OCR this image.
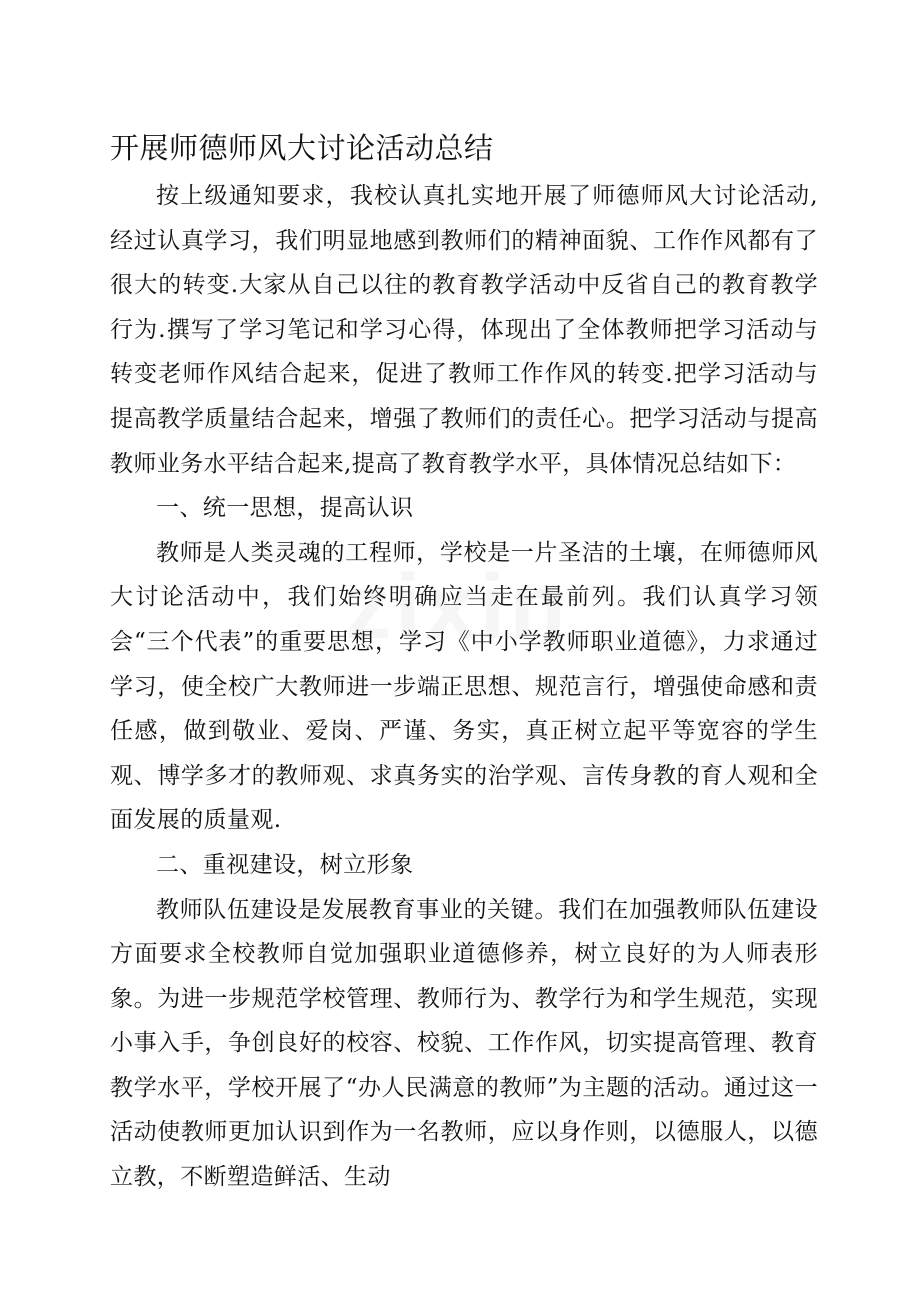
开展师德师风大讨论活动总结

按上级通知要求，我校认真扎实地开展了师德师风大讨论活动,经过认真学习，我们明显地感到教师们的精神面貌、工作作风都有了很大的转变.大家从自己以往的教育教学活动中反省自己的教育教学行为.撰写了学习笔记和学习心得，体现出了全体教师把学习活动与转变老师作风结合起来，促进了教师工作作风的转变.把学习活动与提高教学质量结合起来，增强了教师们的责任心。把学习活动与提高教师业务水平结合起来,提高了教育教学水平，具体情况总结如下：

一、统一思想，提高认识

教师是人类灵魂的工程师，学校是一片圣洁的土壤，在师德师风大讨论活动中，我们始终明确应当走在最前列。我们认真学习领会“三个代表”的重要思想，学习《中小学教师职业道德》，力求通过学习，使全校广大教师进一步端正思想、规范言行，增强使命感和责任感，做到敬业、爱岗、严谨、务实，真正树立起平等宽容的学生观、博学多才的教师观、求真务实的治学观、言传身教的育人观和全面发展的质量观.

二、重视建设，树立形象

教师队伍建设是发展教育事业的关键。我们在加强教师队伍建设方面要求全校教师自觉加强职业道德修养，树立良好的为人师表形象。为进一步规范学校管理、教师行为、教学行为和学生规范，实现小事入手，争创良好的校容、校貌、工作作风，切实提高管理、教育教学水平，学校开展了“办人民满意的教师”为主题的活动。通过这一活动使教师更加认识到作为一名教师，应以身作则，以德服人，以德立教，不断塑造鲜活、生动
